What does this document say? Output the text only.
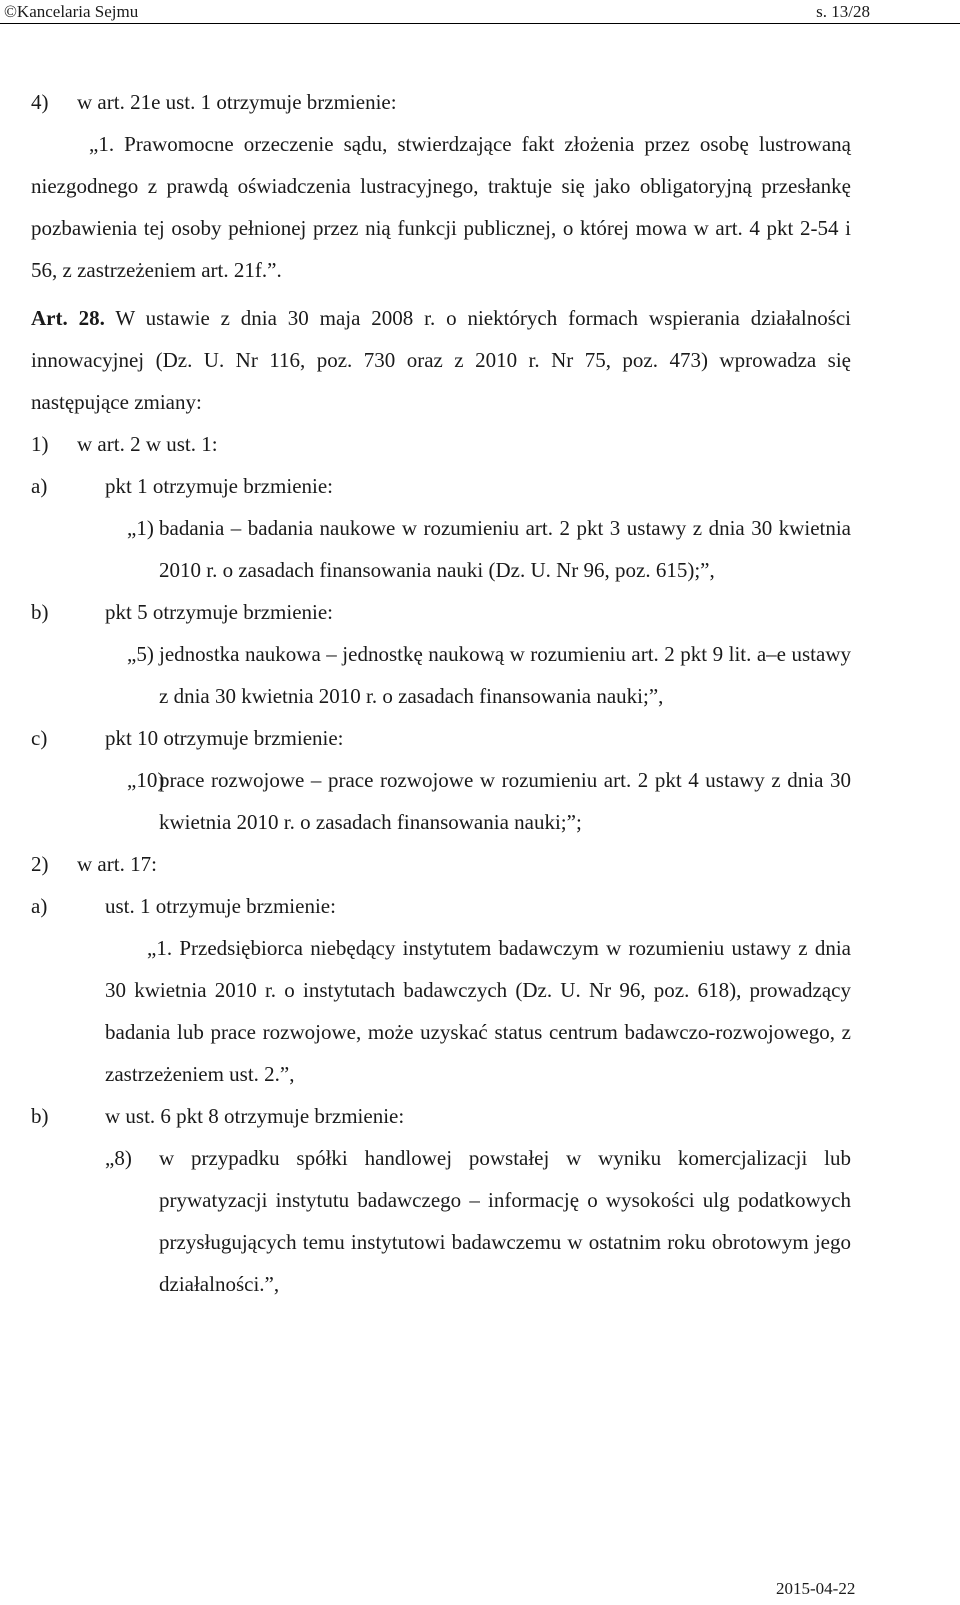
©Kancelaria Sejmu	s. 13/28
4) w art. 21e ust. 1 otrzymuje brzmienie:
„1. Prawomocne orzeczenie sądu, stwierdzające fakt złożenia przez osobę lustrowaną niezgodnego z prawdą oświadczenia lustracyjnego, traktuje się jako obligatoryjną przesłankę pozbawienia tej osoby pełnionej przez nią funkcji publicznej, o której mowa w art. 4 pkt 2-54 i 56, z zastrzeżeniem art. 21f.”.
Art. 28. W ustawie z dnia 30 maja 2008 r. o niektórych formach wspierania działalności innowacyjnej (Dz. U. Nr 116, poz. 730 oraz z 2010 r. Nr 75, poz. 473) wprowadza się następujące zmiany:
1) w art. 2 w ust. 1:
a)	pkt 1 otrzymuje brzmienie:
„1) badania – badania naukowe w rozumieniu art. 2 pkt 3 ustawy z dnia 30 kwietnia 2010 r. o zasadach finansowania nauki (Dz. U. Nr 96, poz. 615);”,
b)	pkt 5 otrzymuje brzmienie:
„5) jednostka naukowa – jednostkę naukową w rozumieniu art. 2 pkt 9 lit. a–e ustawy z dnia 30 kwietnia 2010 r. o zasadach finansowania nauki;”,
c)	pkt 10 otrzymuje brzmienie:
„10)
prace rozwojowe – prace rozwojowe w rozumieniu art. 2 pkt 4 ustawy z dnia 30 kwietnia 2010 r. o zasadach finansowania nauki;”;
2) w art. 17:
a)	ust. 1 otrzymuje brzmienie:
„1. Przedsiębiorca niebędący instytutem badawczym w rozumieniu ustawy z dnia 30 kwietnia 2010 r. o instytutach badawczych (Dz. U. Nr 96, poz. 618), prowadzący badania lub prace rozwojowe, może uzyskać status centrum badawczo-rozwojowego, z zastrzeżeniem ust. 2.”,
b)	w ust. 6 pkt 8 otrzymuje brzmienie:
„8) w przypadku spółki handlowej powstałej w wyniku komercjalizacji lub prywatyzacji instytutu badawczego – informację o wysokości ulg podatkowych przysługujących temu instytutowi badawczemu w ostatnim roku obrotowym jego działalności.”,
2015-04-22
